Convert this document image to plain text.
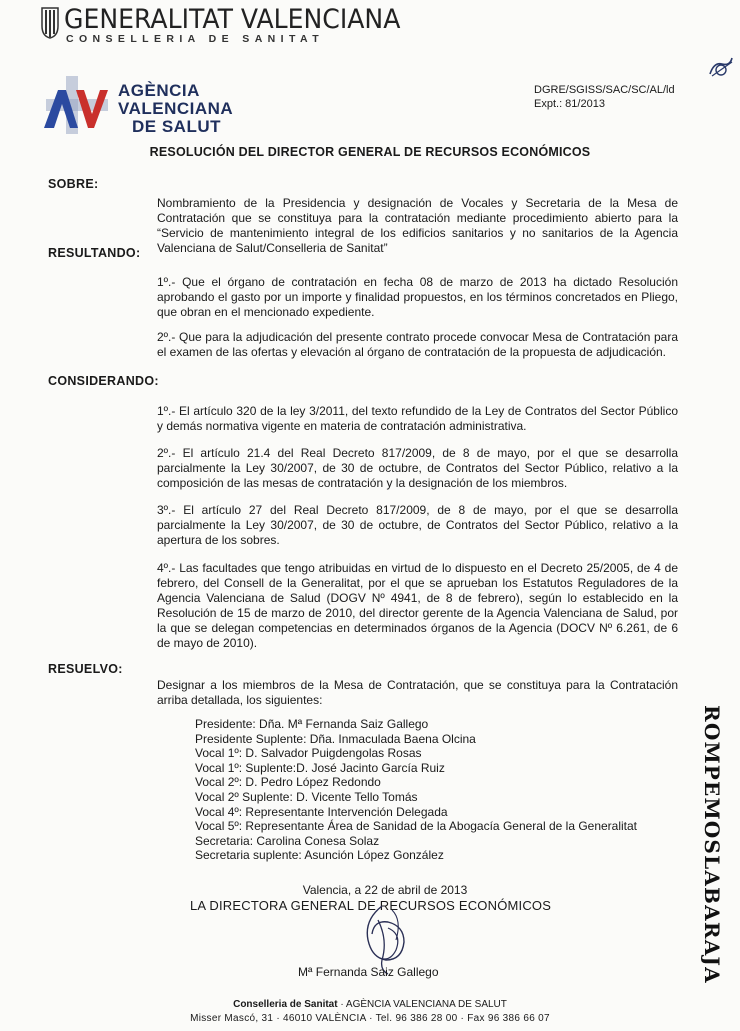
GENERALITAT VALENCIANA
CONSELLERIA DE SANITAT
AGÈNCIA
VALENCIANA
DE SALUT
DGRE/SGISS/SAC/SC/AL/ld
Expt.: 81/2013
RESOLUCIÓN DEL DIRECTOR GENERAL DE RECURSOS ECONÓMICOS
SOBRE:
Nombramiento de la Presidencia y designación de Vocales y Secretaria de la Mesa de Contratación que se constituya para la contratación mediante procedimiento abierto para la “Servicio de mantenimiento integral de los edificios sanitarios y no sanitarios de la Agencia Valenciana de Salut/Conselleria de Sanitat”
RESULTANDO:
1º.- Que el órgano de contratación en fecha 08 de marzo de 2013 ha dictado Resolución aprobando el gasto por un importe y finalidad propuestos, en los términos concretados en Pliego, que obran en el mencionado expediente.
2º.- Que para la adjudicación del presente contrato procede convocar Mesa de Contratación para el examen de las ofertas y elevación al órgano de contratación de la propuesta de adjudicación.
CONSIDERANDO:
1º.- El artículo 320 de la ley 3/2011, del texto refundido de la Ley de Contratos del Sector Público y demás normativa vigente en materia de contratación administrativa.
2º.- El artículo 21.4 del Real Decreto 817/2009, de 8 de mayo, por el que se desarrolla parcialmente la Ley 30/2007, de 30 de octubre, de Contratos del Sector Público, relativo a la composición de las mesas de contratación y la designación de los miembros.
3º.- El artículo 27 del Real Decreto 817/2009, de 8 de mayo, por el que se desarrolla parcialmente la Ley 30/2007, de 30 de octubre, de Contratos del Sector Público, relativo a la apertura de los sobres.
4º.- Las facultades que tengo atribuidas en virtud de lo dispuesto en el Decreto 25/2005, de 4 de febrero, del Consell de la Generalitat, por el que se aprueban los Estatutos Reguladores de la Agencia Valenciana de Salud (DOGV Nº 4941, de 8 de febrero), según lo establecido en la Resolución de 15 de marzo de 2010, del director gerente de la Agencia Valenciana de Salud, por la que se delegan competencias en determinados órganos de la Agencia (DOCV Nº 6.261, de 6 de mayo de 2010).
RESUELVO:
Designar a los miembros de la Mesa de Contratación, que se constituya para la Contratación arriba detallada, los siguientes:
Presidente: Dña. Mª Fernanda Saiz Gallego
Presidente Suplente: Dña. Inmaculada Baena Olcina
Vocal 1º: D. Salvador Puigdengolas Rosas
Vocal 1º: Suplente:D. José Jacinto García Ruiz
Vocal 2º: D. Pedro López Redondo
Vocal 2º Suplente: D. Vicente Tello Tomás
Vocal 4º: Representante Intervención Delegada
Vocal 5º: Representante Área de Sanidad de la Abogacía General de la Generalitat
Secretaria: Carolina Conesa Solaz
Secretaria suplente: Asunción López González
Valencia, a 22 de abril de 2013
LA DIRECTORA GENERAL DE RECURSOS ECONÓMICOS
Mª Fernanda Saiz Gallego
Conselleria de Sanitat · AGÈNCIA VALENCIANA DE SALUT
Misser Mascó, 31 · 46010 VALÈNCIA · Tel. 96 386 28 00 · Fax 96 386 66 07
ROMPEMOSLABARAJA
